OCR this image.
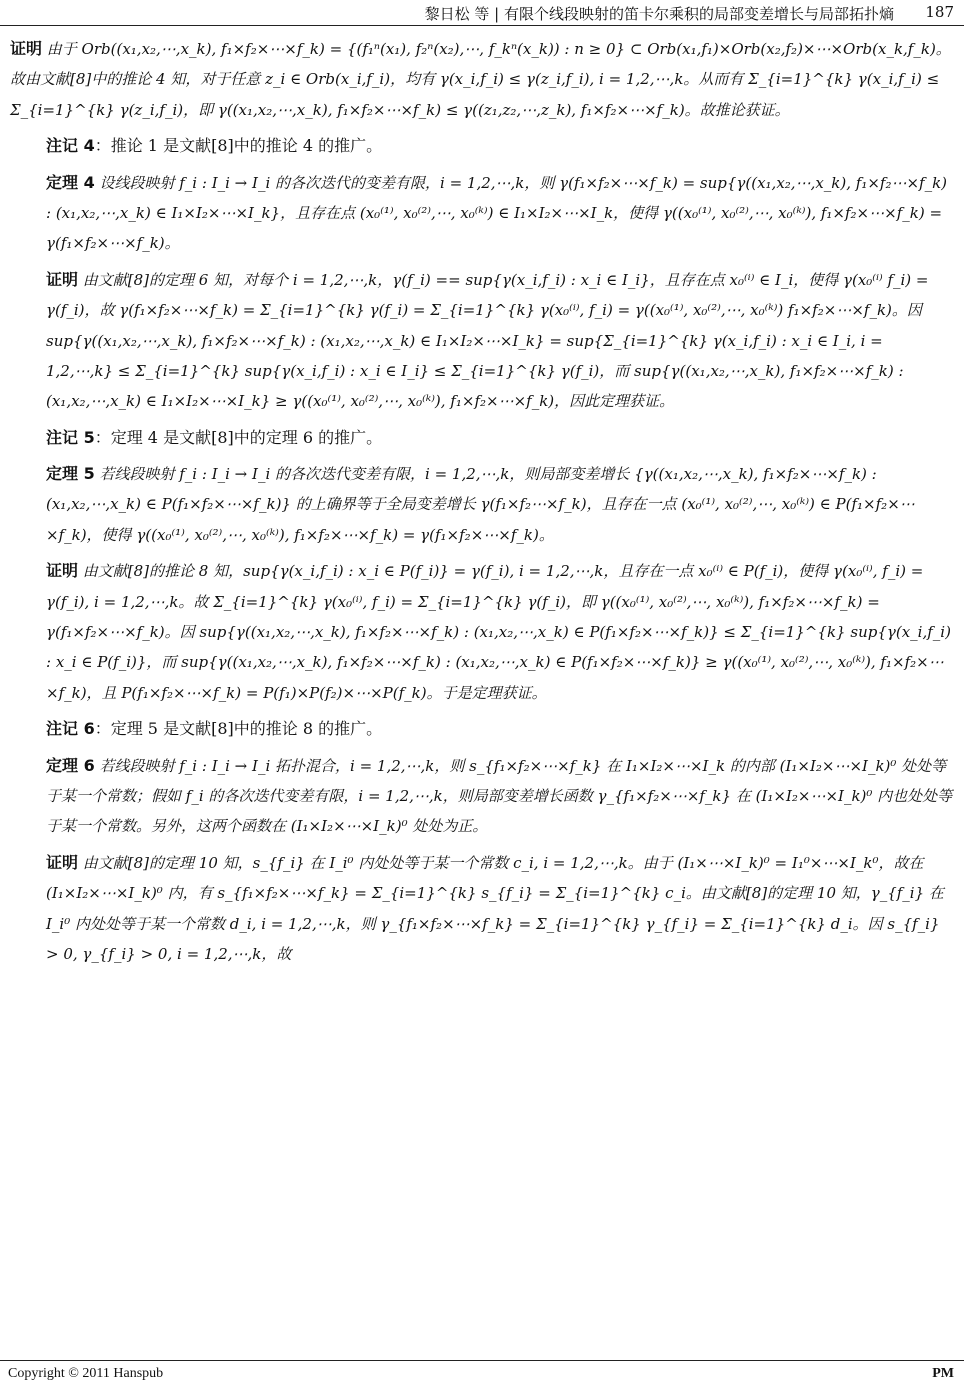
黎日松 等 | 有限个线段映射的笛卡尔乘积的局部变差增长与局部拓扑熵 187

证明 由于 Orb((x₁,x₂,⋯,x_k), f₁×f₂×⋯×f_k) = {(f₁ⁿ(x₁), f₂ⁿ(x₂),⋯, f_kⁿ(x_k)) : n ≥ 0} ⊂ Orb(x₁,f₁)×Orb(x₂,f₂)×⋯×Orb(x_k,f_k)。故由文献[8]中的推论 4 知，对于任意 z_i ∈ Orb(x_i,f_i)，均有 γ(x_i,f_i) ≤ γ(z_i,f_i), i = 1,2,⋯,k。从而有 Σ_{i=1}^{k} γ(x_i,f_i) ≤ Σ_{i=1}^{k} γ(z_i,f_i)，即 γ((x₁,x₂,⋯,x_k), f₁×f₂×⋯×f_k) ≤ γ((z₁,z₂,⋯,z_k), f₁×f₂×⋯×f_k)。故推论获证。

注记 4：推论 1 是文献[8]中的推论 4 的推广。

定理 4 设线段映射 f_i : I_i → I_i 的各次迭代的变差有限，i = 1,2,⋯,k，则 γ(f₁×f₂×⋯×f_k) = sup{γ((x₁,x₂,⋯,x_k), f₁×f₂⋯×f_k) : (x₁,x₂,⋯,x_k) ∈ I₁×I₂×⋯×I_k}，且存在点 (x₀⁽¹⁾, x₀⁽²⁾,⋯, x₀⁽ᵏ⁾) ∈ I₁×I₂×⋯×I_k，使得 γ((x₀⁽¹⁾, x₀⁽²⁾,⋯, x₀⁽ᵏ⁾), f₁×f₂×⋯×f_k) = γ(f₁×f₂×⋯×f_k)。

证明 由文献[8]的定理 6 知，对每个 i = 1,2,⋯,k，γ(f_i) == sup{γ(x_i,f_i) : x_i ∈ I_i}，且存在点 x₀⁽ⁱ⁾ ∈ I_i，使得 γ(x₀⁽ⁱ⁾ f_i) = γ(f_i)，故 γ(f₁×f₂×⋯×f_k) = Σ_{i=1}^{k} γ(f_i) = Σ_{i=1}^{k} γ(x₀⁽ⁱ⁾, f_i) = γ((x₀⁽¹⁾, x₀⁽²⁾,⋯, x₀⁽ᵏ⁾) f₁×f₂×⋯×f_k)。因 sup{γ((x₁,x₂,⋯,x_k), f₁×f₂×⋯×f_k) : (x₁,x₂,⋯,x_k) ∈ I₁×I₂×⋯×I_k} = sup{Σ_{i=1}^{k} γ(x_i,f_i) : x_i ∈ I_i, i = 1,2,⋯,k} ≤ Σ_{i=1}^{k} sup{γ(x_i,f_i) : x_i ∈ I_i} ≤ Σ_{i=1}^{k} γ(f_i)，而 sup{γ((x₁,x₂,⋯,x_k), f₁×f₂×⋯×f_k) : (x₁,x₂,⋯,x_k) ∈ I₁×I₂×⋯×I_k} ≥ γ((x₀⁽¹⁾, x₀⁽²⁾,⋯, x₀⁽ᵏ⁾), f₁×f₂×⋯×f_k)，因此定理获证。

注记 5：定理 4 是文献[8]中的定理 6 的推广。

定理 5 若线段映射 f_i : I_i → I_i 的各次迭代变差有限，i = 1,2,⋯,k，则局部变差增长 {γ((x₁,x₂,⋯,x_k), f₁×f₂×⋯×f_k) : (x₁,x₂,⋯,x_k) ∈ P(f₁×f₂×⋯×f_k)} 的上确界等于全局变差增长 γ(f₁×f₂⋯×f_k)，且存在一点 (x₀⁽¹⁾, x₀⁽²⁾,⋯, x₀⁽ᵏ⁾) ∈ P(f₁×f₂×⋯×f_k)，使得 γ((x₀⁽¹⁾, x₀⁽²⁾,⋯, x₀⁽ᵏ⁾), f₁×f₂×⋯×f_k) = γ(f₁×f₂×⋯×f_k)。

证明 由文献[8]的推论 8 知，sup{γ(x_i,f_i) : x_i ∈ P(f_i)} = γ(f_i), i = 1,2,⋯,k，且存在一点 x₀⁽ⁱ⁾ ∈ P(f_i)，使得 γ(x₀⁽ⁱ⁾, f_i) = γ(f_i), i = 1,2,⋯,k。故 Σ_{i=1}^{k} γ(x₀⁽ⁱ⁾, f_i) = Σ_{i=1}^{k} γ(f_i)，即 γ((x₀⁽¹⁾, x₀⁽²⁾,⋯, x₀⁽ᵏ⁾), f₁×f₂×⋯×f_k) = γ(f₁×f₂×⋯×f_k)。因 sup{γ((x₁,x₂,⋯,x_k), f₁×f₂×⋯×f_k) : (x₁,x₂,⋯,x_k) ∈ P(f₁×f₂×⋯×f_k)} ≤ Σ_{i=1}^{k} sup{γ(x_i,f_i) : x_i ∈ P(f_i)}，而 sup{γ((x₁,x₂,⋯,x_k), f₁×f₂×⋯×f_k) : (x₁,x₂,⋯,x_k) ∈ P(f₁×f₂×⋯×f_k)} ≥ γ((x₀⁽¹⁾, x₀⁽²⁾,⋯, x₀⁽ᵏ⁾), f₁×f₂×⋯×f_k)，且 P(f₁×f₂×⋯×f_k) = P(f₁)×P(f₂)×⋯×P(f_k)。于是定理获证。

注记 6：定理 5 是文献[8]中的推论 8 的推广。

定理 6 若线段映射 f_i : I_i → I_i 拓扑混合，i = 1,2,⋯,k，则 s_{f₁×f₂×⋯×f_k} 在 I₁×I₂×⋯×I_k 的内部 (I₁×I₂×⋯×I_k)⁰ 处处等于某一个常数；假如 f_i 的各次迭代变差有限，i = 1,2,⋯,k，则局部变差增长函数 γ_{f₁×f₂×⋯×f_k} 在 (I₁×I₂×⋯×I_k)⁰ 内也处处等于某一个常数。另外，这两个函数在 (I₁×I₂×⋯×I_k)⁰ 处处为正。

证明 由文献[8]的定理 10 知，s_{f_i} 在 I_i⁰ 内处处等于某一个常数 c_i, i = 1,2,⋯,k。由于 (I₁×⋯×I_k)⁰ = I₁⁰×⋯×I_k⁰，故在 (I₁×I₂×⋯×I_k)⁰ 内，有 s_{f₁×f₂×⋯×f_k} = Σ_{i=1}^{k} s_{f_i} = Σ_{i=1}^{k} c_i。由文献[8]的定理 10 知，γ_{f_i} 在 I_i⁰ 内处处等于某一个常数 d_i, i = 1,2,⋯,k，则 γ_{f₁×f₂×⋯×f_k} = Σ_{i=1}^{k} γ_{f_i} = Σ_{i=1}^{k} d_i。因 s_{f_i} > 0, γ_{f_i} > 0, i = 1,2,⋯,k，故

Copyright © 2011 Hanspub	PM
